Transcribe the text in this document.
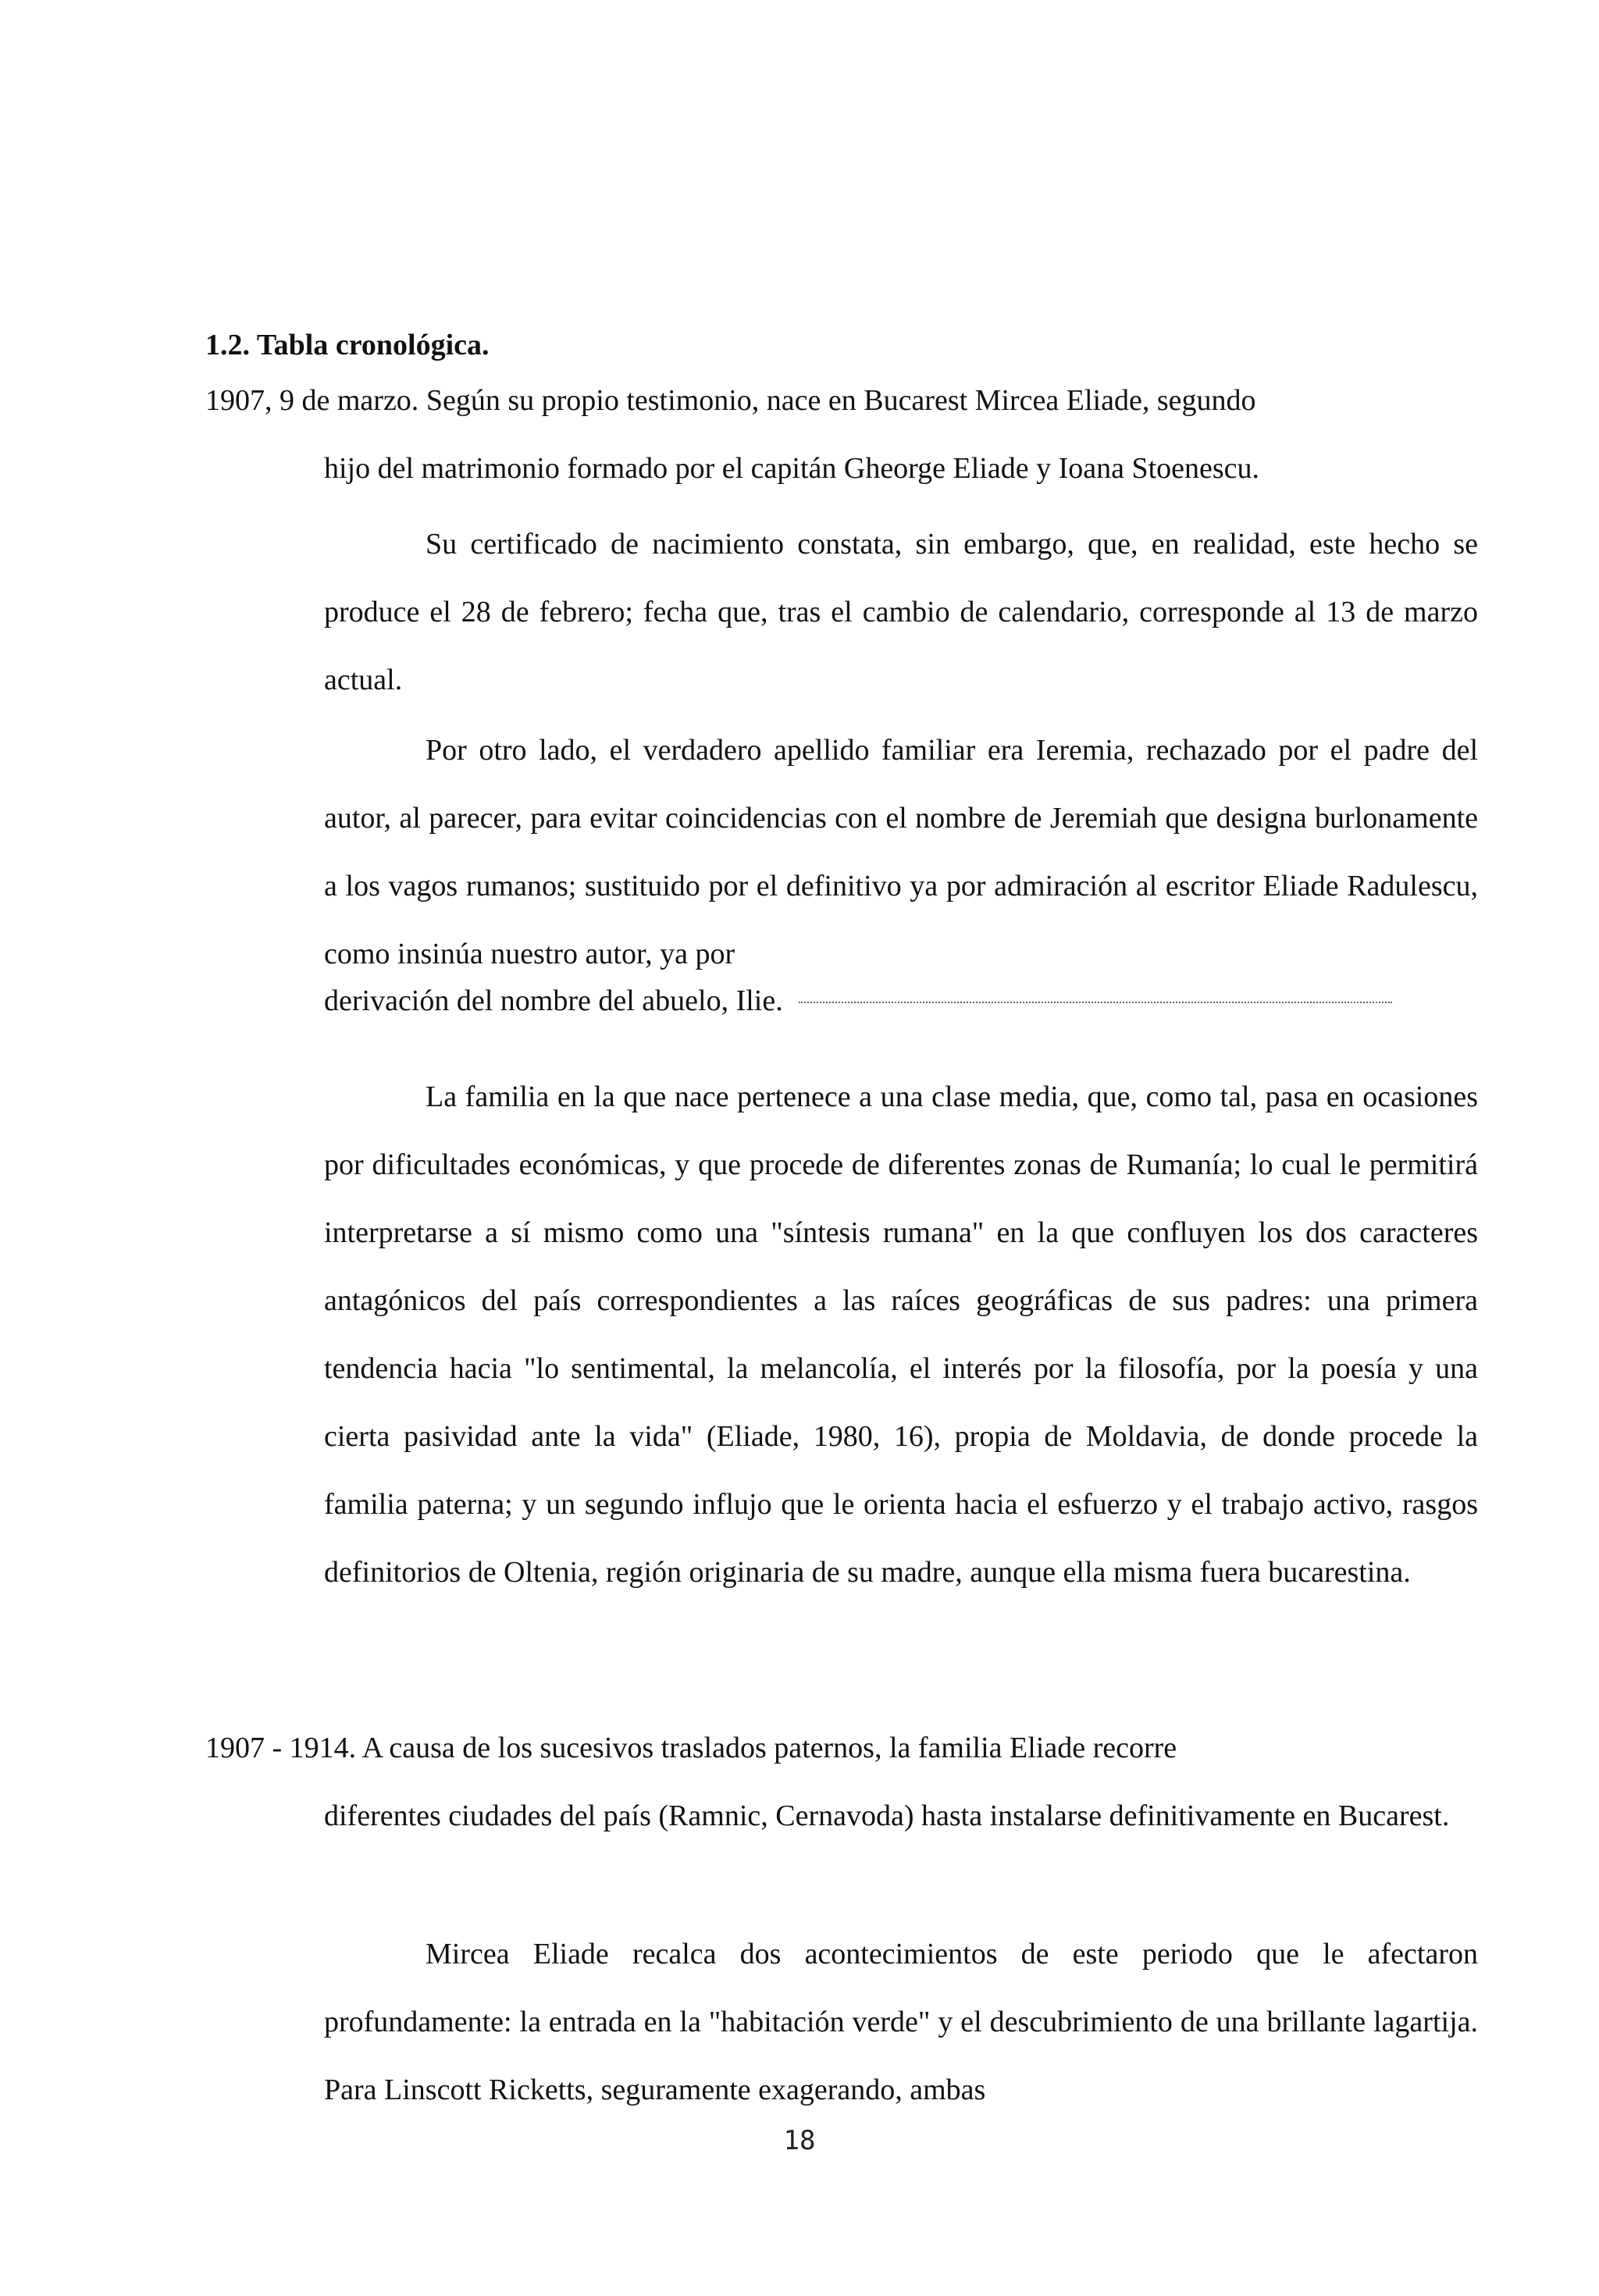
1.2. Tabla cronológica.

1907, 9 de marzo. Según su propio testimonio, nace en Bucarest Mircea Eliade, segundo

hijo del matrimonio formado por el capitán Gheorge Eliade y Ioana Stoenescu.

Su certificado de nacimiento constata, sin embargo, que, en realidad, este hecho se produce el 28 de febrero; fecha que, tras el cambio de calendario, corresponde al 13 de marzo actual.

Por otro lado, el verdadero apellido familiar era Ieremia, rechazado por el padre del autor, al parecer, para evitar coincidencias con el nombre de Jeremiah que designa burlonamente a los vagos rumanos; sustituido por el definitivo ya por admiración al escritor Eliade Radulescu, como insinúa nuestro autor, ya por

derivación del nombre del abuelo, Ilie.

La familia en la que nace pertenece a una clase media, que, como tal, pasa en ocasiones por dificultades económicas, y que procede de diferentes zonas de Rumanía; lo cual le permitirá interpretarse a sí mismo como una "síntesis rumana" en la que confluyen los dos caracteres antagónicos del país correspondientes a las raíces geográficas de sus padres: una primera tendencia hacia "lo sentimental, la melancolía, el interés por la filosofía, por la poesía y una cierta pasividad ante la vida" (Eliade, 1980, 16), propia de Moldavia, de donde procede la familia paterna; y un segundo influjo que le orienta hacia el esfuerzo y el trabajo activo, rasgos definitorios de Oltenia, región originaria de su madre, aunque ella misma fuera bucarestina.

1907 - 1914. A causa de los sucesivos traslados paternos, la familia Eliade recorre

diferentes ciudades del país (Ramnic, Cernavoda) hasta instalarse definitivamente en Bucarest.

Mircea Eliade recalca dos acontecimientos de este periodo que le afectaron profundamente: la entrada en la "habitación verde" y el descubrimiento de una brillante lagartija. Para Linscott Ricketts, seguramente exagerando, ambas

18
